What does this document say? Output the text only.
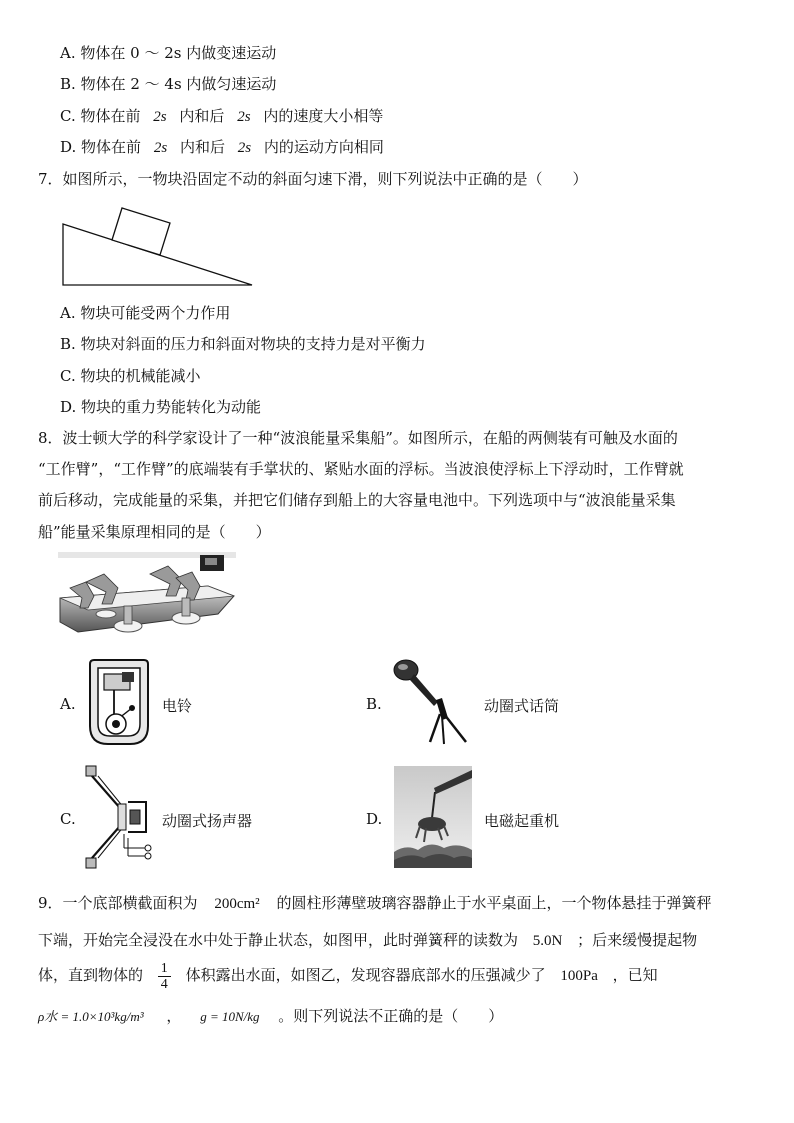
A. 物体在 0 ～ 2s 内做变速运动
B. 物体在 2 ～ 4s 内做匀速运动
C. 物体在前 2s 内和后 2s 内的速度大小相等
D. 物体在前 2s 内和后 2s 内的运动方向相同
7．如图所示，一物块沿固定不动的斜面匀速下滑，则下列说法中正确的是（　　）
A. 物块可能受两个力作用
B. 物块对斜面的压力和斜面对物块的支持力是对平衡力
C. 物块的机械能减小
D. 物块的重力势能转化为动能
8．波士顿大学的科学家设计了一种“波浪能量采集船”。如图所示，在船的两侧装有可触及水面的
“工作臂”，“工作臂”的底端装有手掌状的、紧贴水面的浮标。当波浪使浮标上下浮动时，工作臂就
前后移动，完成能量的采集，并把它们储存到船上的大容量电池中。下列选项中与“波浪能量采集
船”能量采集原理相同的是（　　）
A.	电铃	B.	动圈式话筒
C.	动圈式扬声器	D.	电磁起重机
9．一个底部横截面积为 200cm² 的圆柱形薄壁玻璃容器静止于水平桌面上，一个物体悬挂于弹簧秤
下端，开始完全浸没在水中处于静止状态，如图甲，此时弹簧秤的读数为 5.0N ；后来缓慢提起物
体，直到物体的 $\frac{1}{4}$ 体积露出水面，如图乙，发现容器底部水的压强减少了 100Pa ，已知
ρ水 = 1.0×10³kg/m³ ， g = 10N/kg 。则下列说法不正确的是（　　）
